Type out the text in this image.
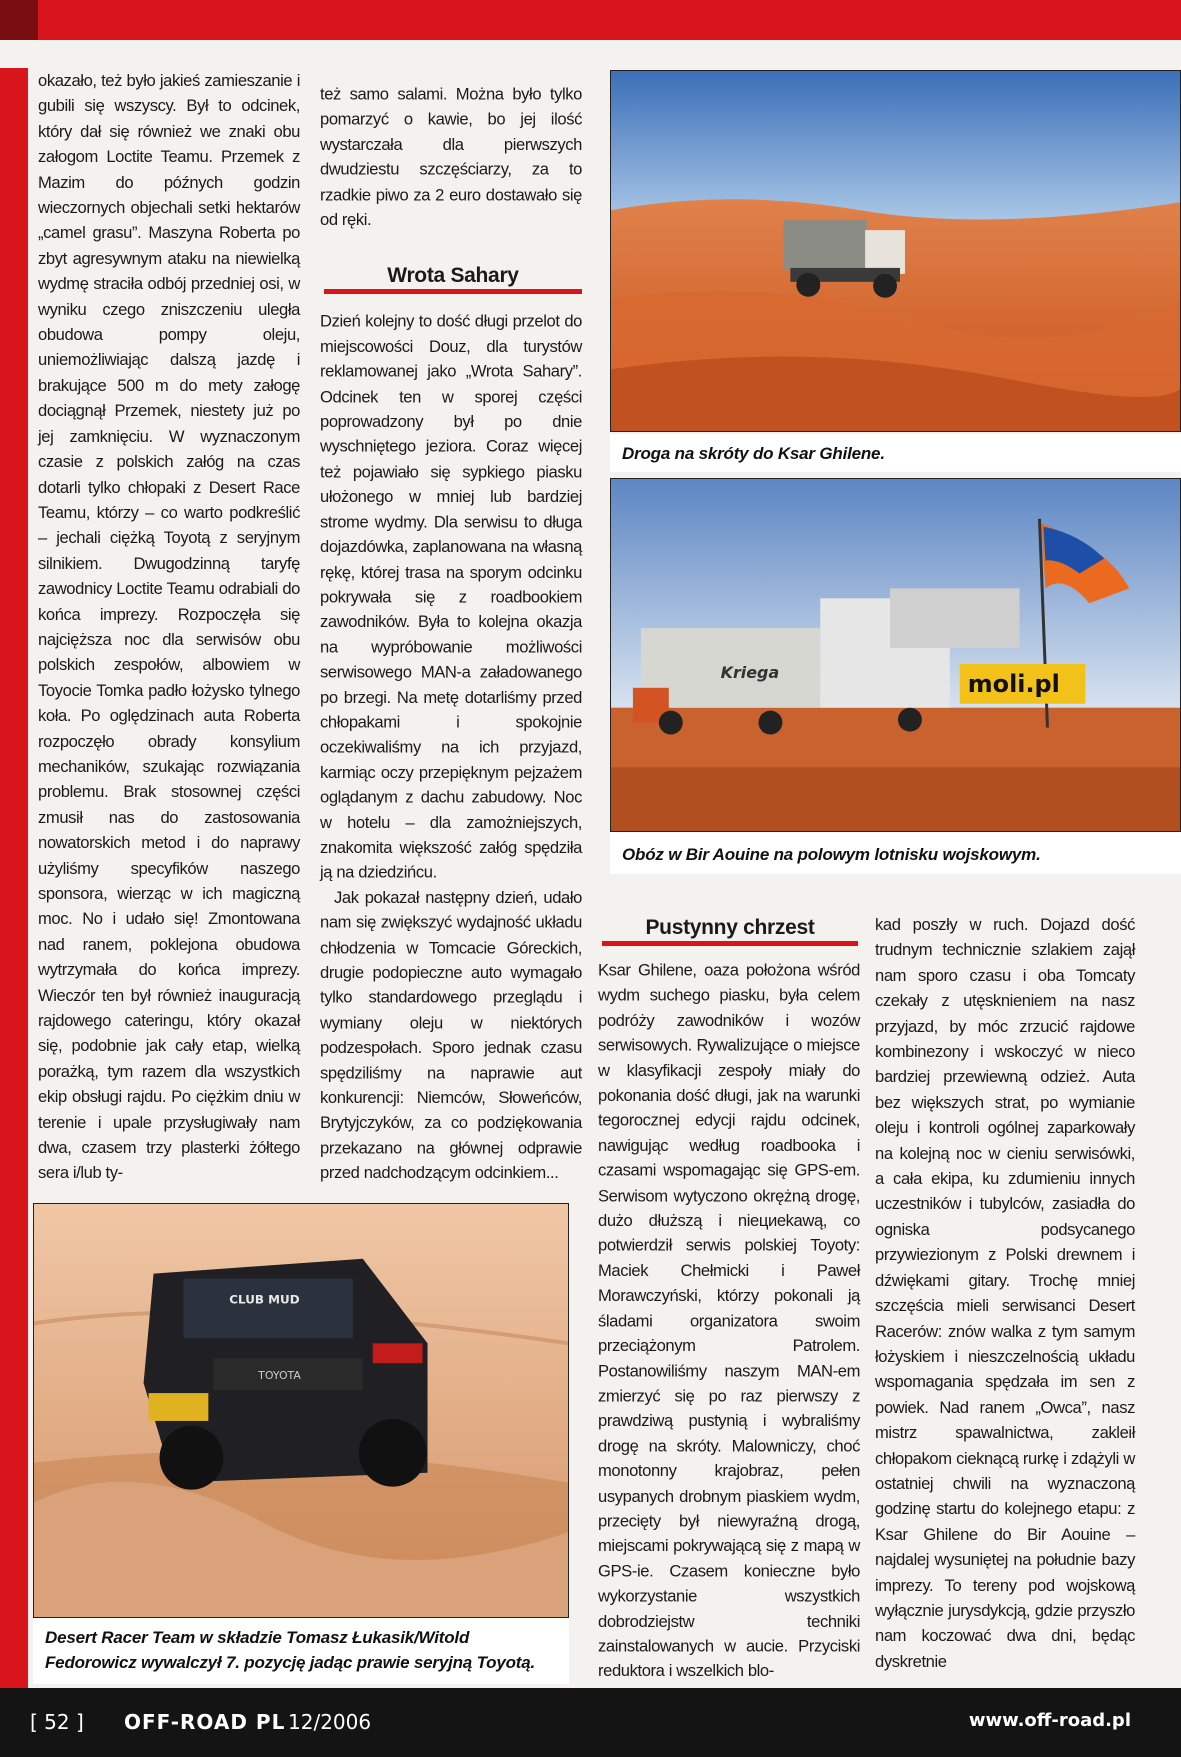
okazało, też było jakieś zamieszanie i gubili się wszyscy. Był to odcinek, który dał się również we znaki obu załogom Loctite Teamu. Przemek z Mazim do późnych godzin wieczornych objechali setki hektarów „camel grasu”. Maszyna Roberta po zbyt agresywnym ataku na niewielką wydmę straciła odbój przedniej osi, w wyniku czego zniszczeniu uległa obudowa pompy oleju, uniemożliwiając dalszą jazdę i brakujące 500 m do mety załogę dociągnął Przemek, niestety już po jej zamknięciu. W wyznaczonym czasie z polskich załóg na czas dotarli tylko chłopaki z Desert Race Teamu, którzy – co warto podkreślić – jechali ciężką Toyotą z seryjnym silnikiem. Dwugodzinną taryfę zawodnicy Loctite Teamu odrabiali do końca imprezy. Rozpoczęła się najcięższa noc dla serwisów obu polskich zespołów, albowiem w Toyocie Tomka padło łożysko tylnego koła. Po oględzinach auta Roberta rozpoczęło obrady konsylium mechaników, szukając rozwiązania problemu. Brak stosownej części zmusił nas do zastosowania nowatorskich metod i do naprawy użyliśmy specyfików naszego sponsora, wierząc w ich magiczną moc. No i udało się! Zmontowana nad ranem, poklejona obudowa wytrzymała do końca imprezy. Wieczór ten był również inauguracją rajdowego cateringu, który okazał się, podobnie jak cały etap, wielką porażką, tym razem dla wszystkich ekip obsługi rajdu. Po ciężkim dniu w terenie i upale przysługiwały nam dwa, czasem trzy plasterki żółtego sera i/lub ty-

też samo salami. Można było tylko pomarzyć o kawie, bo jej ilość wystarczała dla pierwszych dwudziestu szczęściarzy, za to rzadkie piwo za 2 euro dostawało się od ręki.

Dzień kolejny to dość długi przelot do miejscowości Douz, dla turystów reklamowanej jako „Wrota Sahary”. Odcinek ten w sporej części poprowadzony był po dnie wyschniętego jeziora. Coraz więcej też pojawiało się sypkiego piasku ułożonego w mniej lub bardziej strome wydmy. Dla serwisu to długa dojazdówka, zaplanowana na własną rękę, której trasa na sporym odcinku pokrywała się z roadbookiem zawodników. Była to kolejna okazja na wypróbowanie możliwości serwisowego MAN-a załadowanego po brzegi. Na metę dotarliśmy przed chłopakami i spokojnie oczekiwaliśmy na ich przyjazd, karmiąc oczy przepięknym pejzażem oglądanym z dachu zabudowy. Noc w hotelu – dla zamożniejszych, znakomita większość załóg spędziła ją na dziedzińcu.

Jak pokazał następny dzień, udało nam się zwiększyć wydajność układu chłodzenia w Tomcacie Góreckich, drugie podopieczne auto wymagało tylko standardowego przeglądu i wymiany oleju w niektórych podzespołach. Sporo jednak czasu spędziliśmy na naprawie aut konkurencji: Niemców, Słoweńców, Brytyjczyków, za co podziękowania przekazano na głównej odprawie przed nadchodzącym odcinkiem...

Wrota Sahary
Pustynny chrzest

Ksar Ghilene, oaza położona wśród wydm suchego piasku, była celem podróży zawodników i wozów serwisowych. Rywalizujące o miejsce w klasyfikacji zespoły miały do pokonania dość długi, jak na warunki tegorocznej edycji rajdu odcinek, nawigując według roadbooka i czasami wspomagając się GPS-em. Serwisom wytyczono okrężną drogę, dużo dłuższą i niециekawą, co potwierdził serwis polskiej Toyoty: Maciek Chełmicki i Paweł Morawczyński, którzy pokonali ją śladami organizatora swoim przeciążonym Patrolem. Postanowiliśmy naszym MAN-em zmierzyć się po raz pierwszy z prawdziwą pustynią i wybraliśmy drogę na skróty. Malowniczy, choć monotonny krajobraz, pełen usypanych drobnym piaskiem wydm, przecięty był niewyraźną drogą, miejscami pokrywającą się z mapą w GPS-ie. Czasem konieczne było wykorzystanie wszystkich dobrodziejstw techniki zainstalowanych w aucie. Przyciski reduktora i wszelkich blo-

kad poszły w ruch. Dojazd dość trudnym technicznie szlakiem zajął nam sporo czasu i oba Tomcaty czekały z utęsknieniem na nasz przyjazd, by móc zrzucić rajdowe kombinezony i wskoczyć w nieco bardziej przewiewną odzież. Auta bez większych strat, po wymianie oleju i kontroli ogólnej zaparkowały na kolejną noc w cieniu serwisówki, a cała ekipa, ku zdumieniu innych uczestników i tubylców, zasiadła do ogniska podsycanego przywiezionym z Polski drewnem i dźwiękami gitary. Trochę mniej szczęścia mieli serwisanci Desert Racerów: znów walka z tym samym łożyskiem i nieszczelnością układu wspomagania spędzała im sen z powiek. Nad ranem „Owca”, nasz mistrz spawalnictwa, zakleił chłopakom cieknącą rurkę i zdążyli w ostatniej chwili na wyznaczoną godzinę startu do kolejnego etapu: z Ksar Ghilene do Bir Aouine – najdalej wysuniętej na południe bazy imprezy. To tereny pod wojskową wyłącznie jurysdykcją, gdzie przyszło nam koczować dwa dni, będąc dyskretnie

Droga na skróty do Ksar Ghilene.
Kriega	moli.pl
Obóz w Bir Aouine na polowym lotnisku wojskowym.
CLUB MUD
TOYOTA
Desert Racer Team w składzie Tomasz Łukasik/Witold Fedorowicz wywalczył 7. pozycję jadąc prawie seryjną Toyotą.
[ 52 ] OFF-ROAD PL 12/2006	www.off-road.pl
